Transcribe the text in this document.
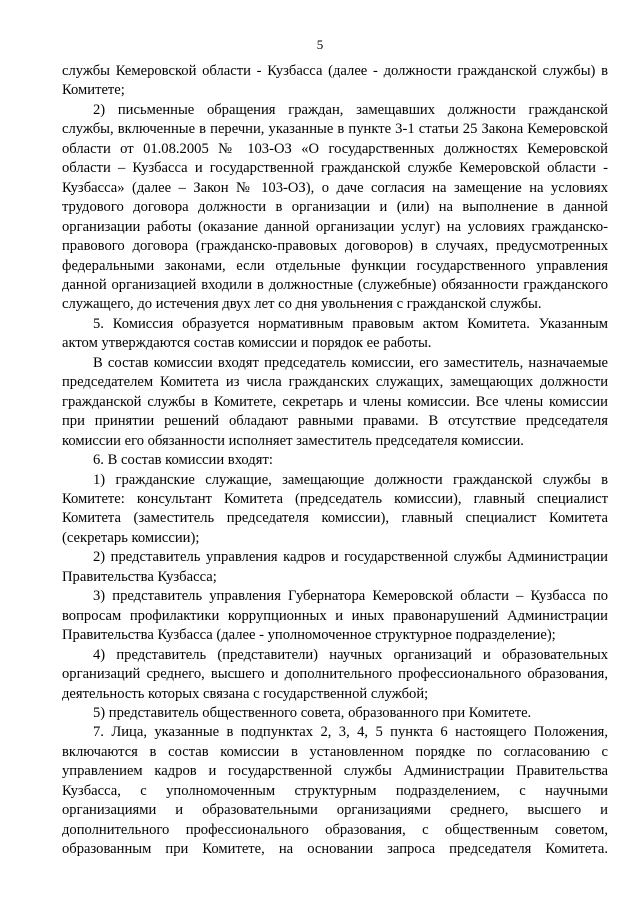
5

службы Кемеровской области - Кузбасса (далее - должности гражданской службы) в Комитете;

2) письменные обращения граждан, замещавших должности гражданской службы, включенные в перечни, указанные в пункте 3-1 статьи 25 Закона Кемеровской области от 01.08.2005 № 103-ОЗ «О государственных должностях Кемеровской области – Кузбасса и государственной гражданской службе Кемеровской области - Кузбасса» (далее – Закон № 103-ОЗ), о даче согласия на замещение на условиях трудового договора должности в организации и (или) на выполнение в данной организации работы (оказание данной организации услуг) на условиях гражданско-правового договора (гражданско-правовых договоров) в случаях, предусмотренных федеральными законами, если отдельные функции государственного управления данной организацией входили в должностные (служебные) обязанности гражданского служащего, до истечения двух лет со дня увольнения с гражданской службы.

5. Комиссия образуется нормативным правовым актом Комитета. Указанным актом утверждаются состав комиссии и порядок ее работы.

В состав комиссии входят председатель комиссии, его заместитель, назначаемые председателем Комитета из числа гражданских служащих, замещающих должности гражданской службы в Комитете, секретарь и члены комиссии. Все члены комиссии при принятии решений обладают равными правами. В отсутствие председателя комиссии его обязанности исполняет заместитель председателя комиссии.

6. В состав комиссии входят:

1) гражданские служащие, замещающие должности гражданской службы в Комитете: консультант Комитета (председатель комиссии), главный специалист Комитета (заместитель председателя комиссии), главный специалист Комитета (секретарь комиссии);

2) представитель управления кадров и государственной службы Администрации Правительства Кузбасса;

3) представитель управления Губернатора Кемеровской области – Кузбасса по вопросам профилактики коррупционных и иных правонарушений Администрации Правительства Кузбасса (далее - уполномоченное структурное подразделение);

4) представитель (представители) научных организаций и образовательных организаций среднего, высшего и дополнительного профессионального образования, деятельность которых связана с государственной службой;

5) представитель общественного совета, образованного при Комитете.

7. Лица, указанные в подпунктах 2, 3, 4, 5 пункта 6 настоящего Положения, включаются в состав комиссии в установленном порядке по согласованию с управлением кадров и государственной службы Администрации Правительства Кузбасса, с уполномоченным структурным подразделением, с научными организациями и образовательными организациями среднего, высшего и дополнительного профессионального образования, с общественным советом, образованным при Комитете, на основании запроса председателя Комитета.
